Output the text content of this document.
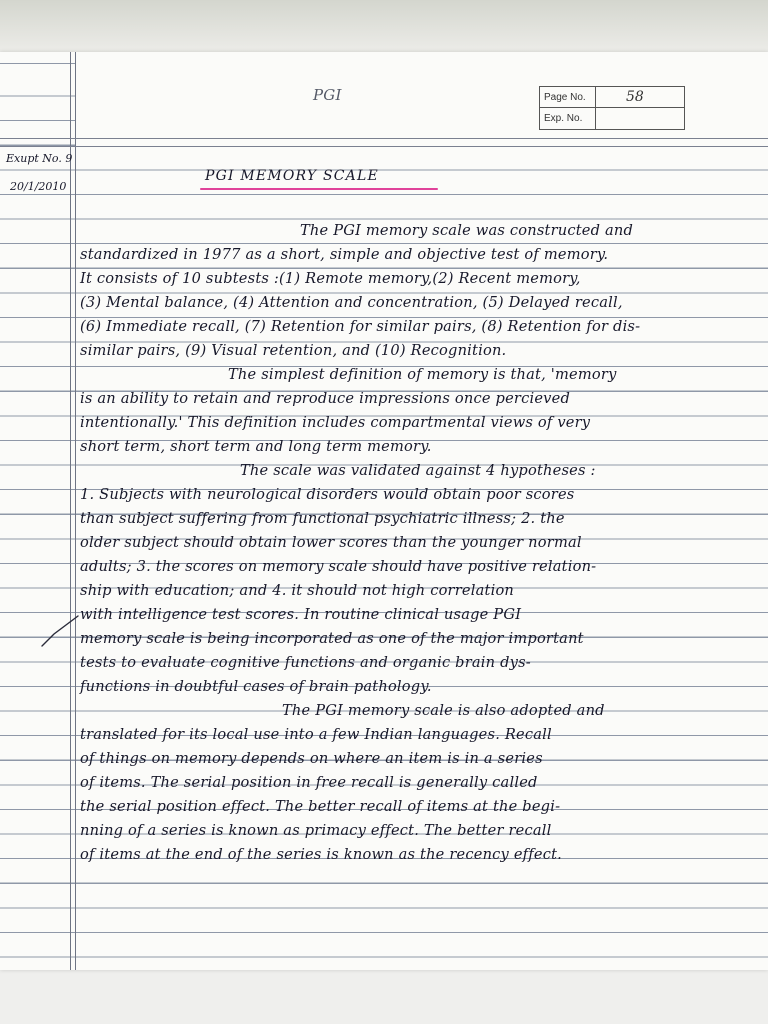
PGI	Page No.	58
Exp. No.
Exupt No. 9
20/1/2010
PGI MEMORY SCALE
The PGI memory scale was constructed and
standardized in 1977 as a short, simple and objective test of memory.
It consists of 10 subtests :(1) Remote memory,(2) Recent memory,
(3) Mental balance, (4) Attention and concentration, (5) Delayed recall,
(6) Immediate recall, (7) Retention for similar pairs, (8) Retention for dis-
similar pairs, (9) Visual retention, and (10) Recognition.
The simplest definition of memory is that, 'memory
is an ability to retain and reproduce impressions once percieved
intentionally.' This definition includes compartmental views of very
short term, short term and long term memory.
The scale was validated against 4 hypotheses :
1. Subjects with neurological disorders would obtain poor scores
than subject suffering from functional psychiatric illness; 2. the
older subject should obtain lower scores than the younger normal
adults; 3. the scores on memory scale should have positive relation-
ship with education; and 4. it should not high correlation
with intelligence test scores. In routine clinical usage PGI
memory scale is being incorporated as one of the major important
tests to evaluate cognitive functions and organic brain dys-
functions in doubtful cases of brain pathology.
The PGI memory scale is also adopted and
translated for its local use into a few Indian languages. Recall
of things on memory depends on where an item is in a series
of items. The serial position in free recall is generally called
the serial position effect. The better recall of items at the begi-
nning of a series is known as primacy effect. The better recall
of items at the end of the series is known as the recency effect.
